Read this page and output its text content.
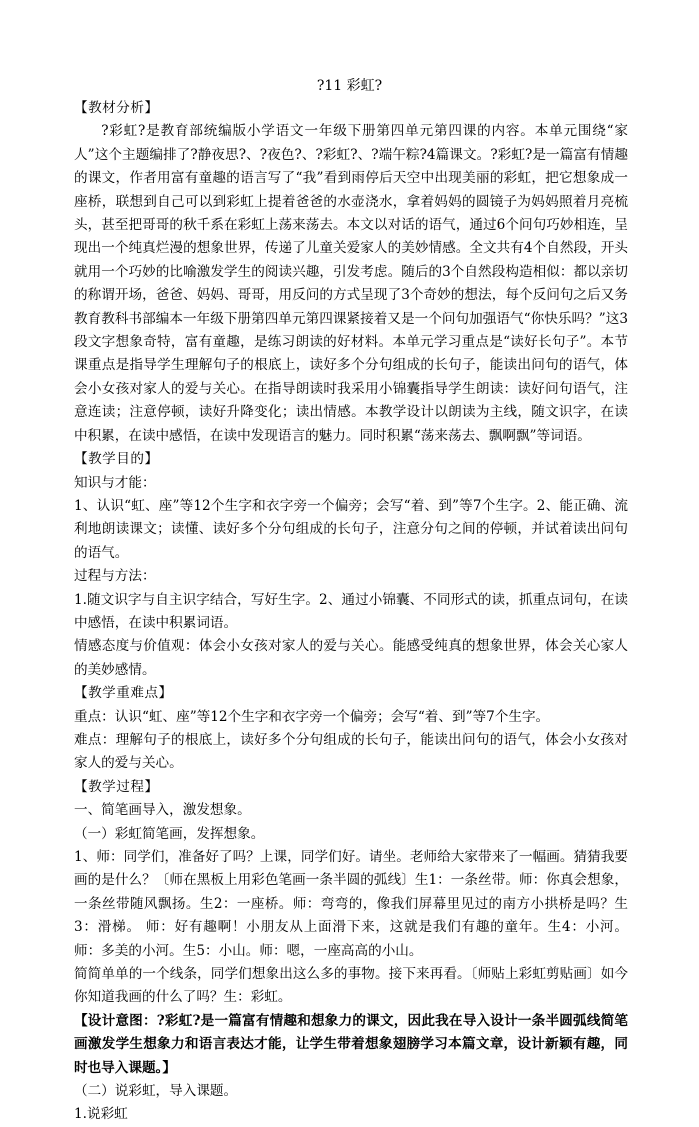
?11 彩虹?

【教材分析】

?彩虹?是教育部统编版小学语文一年级下册第四单元第四课的内容。本单元围绕“家人”这个主题编排了?静夜思?、?夜色?、?彩虹?、?端午粽?4篇课文。?彩虹?是一篇富有情趣的课文，作者用富有童趣的语言写了“我”看到雨停后天空中出现美丽的彩虹，把它想象成一座桥，联想到自己可以到彩虹上提着爸爸的水壶浇水，拿着妈妈的圆镜子为妈妈照着月亮梳头，甚至把哥哥的秋千系在彩虹上荡来荡去。本文以对话的语气，通过6个问句巧妙相连，呈现出一个纯真烂漫的想象世界，传递了儿童关爱家人的美妙情感。全文共有4个自然段，开头就用一个巧妙的比喻激发学生的阅读兴趣，引发考虑。随后的3个自然段构造相似：都以亲切的称谓开场，爸爸、妈妈、哥哥，用反问的方式呈现了3个奇妙的想法，每个反问句之后又务教育教科书部编本一年级下册第四单元第四课紧接着又是一个问句加强语气“你快乐吗？”这3段文字想象奇特，富有童趣，是练习朗读的好材料。本单元学习重点是“读好长句子”。本节课重点是指导学生理解句子的根底上，读好多个分句组成的长句子，能读出问句的语气，体会小女孩对家人的爱与关心。在指导朗读时我采用小锦囊指导学生朗读：读好问句语气，注意连读；注意停顿，读好升降变化；读出情感。本教学设计以朗读为主线，随文识字，在读中积累，在读中感悟，在读中发现语言的魅力。同时积累“荡来荡去、飘啊飘”等词语。

【教学目的】

知识与才能：

1、认识“虹、座”等12个生字和衣字旁一个偏旁；会写“着、到”等7个生字。2、能正确、流利地朗读课文；读懂、读好多个分句组成的长句子，注意分句之间的停顿，并试着读出问句的语气。

过程与方法：

1.随文识字与自主识字结合，写好生字。2、通过小锦囊、不同形式的读，抓重点词句，在读中感悟，在读中积累词语。

情感态度与价值观：体会小女孩对家人的爱与关心。能感受纯真的想象世界，体会关心家人的美妙感情。

【教学重难点】

重点：认识“虹、座”等12个生字和衣字旁一个偏旁；会写“着、到”等7个生字。

难点：理解句子的根底上，读好多个分句组成的长句子，能读出问句的语气，体会小女孩对家人的爱与关心。

【教学过程】

一、简笔画导入，激发想象。

（一）彩虹简笔画，发挥想象。

1、师：同学们，准备好了吗？上课，同学们好。请坐。老师给大家带来了一幅画。猜猜我要画的是什么？〔师在黑板上用彩色笔画一条半圆的弧线〕生1：一条丝带。师：你真会想象，一条丝带随风飘扬。生2：一座桥。师：弯弯的，像我们屏幕里见过的南方小拱桥是吗？生3：滑梯。 师：好有趣啊！小朋友从上面滑下来，这就是我们有趣的童年。生4：小河。 师：多美的小河。生5：小山。师：嗯，一座高高的小山。

简简单单的一个线条，同学们想象出这么多的事物。接下来再看。〔师贴上彩虹剪贴画〕如今你知道我画的什么了吗？生：彩虹。

【设计意图：?彩虹?是一篇富有情趣和想象力的课文，因此我在导入设计一条半圆弧线简笔画激发学生想象力和语言表达才能，让学生带着想象翅膀学习本篇文章，设计新颖有趣，同时也导入课题。】

（二）说彩虹，导入课题。

1.说彩虹
